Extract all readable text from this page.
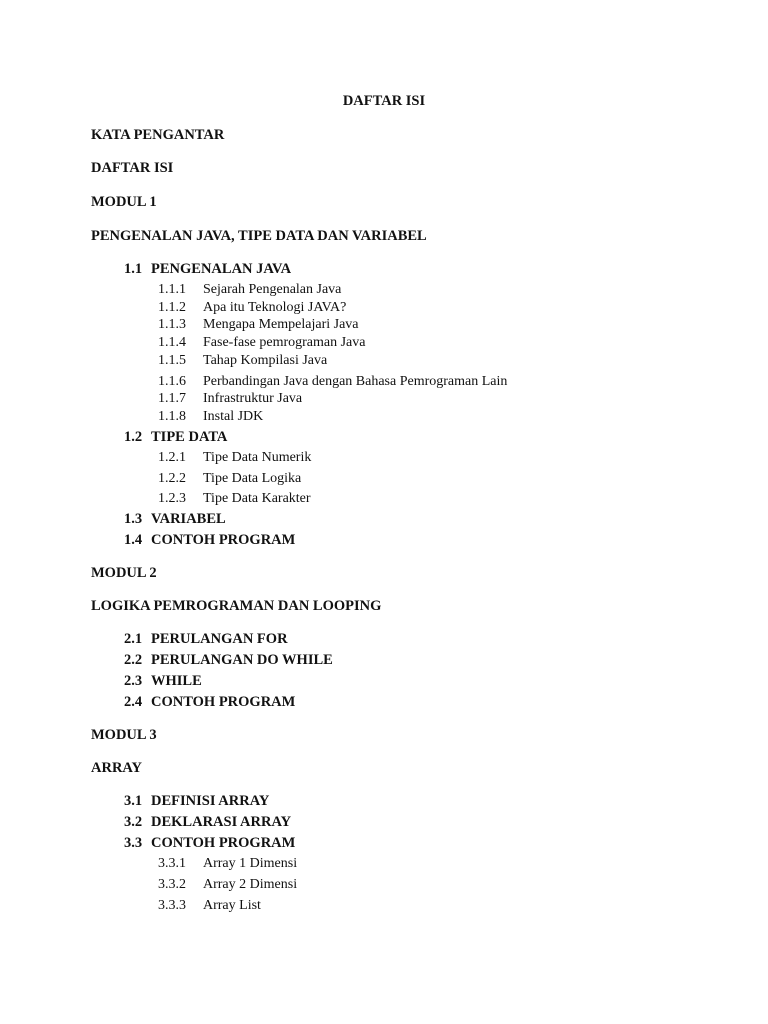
DAFTAR ISI
KATA PENGANTAR
DAFTAR ISI
MODUL 1
PENGENALAN JAVA, TIPE DATA DAN VARIABEL
1.1 PENGENALAN JAVA
1.1.1 Sejarah Pengenalan Java
1.1.2 Apa itu Teknologi JAVA?
1.1.3 Mengapa Mempelajari Java
1.1.4 Fase-fase pemrograman Java
1.1.5 Tahap Kompilasi Java
1.1.6 Perbandingan Java dengan Bahasa Pemrograman Lain
1.1.7 Infrastruktur Java
1.1.8 Instal JDK
1.2 TIPE DATA
1.2.1 Tipe Data Numerik
1.2.2 Tipe Data Logika
1.2.3 Tipe Data Karakter
1.3 VARIABEL
1.4 CONTOH PROGRAM
MODUL 2
LOGIKA PEMROGRAMAN DAN LOOPING
2.1 PERULANGAN FOR
2.2 PERULANGAN DO WHILE
2.3 WHILE
2.4 CONTOH PROGRAM
MODUL 3
ARRAY
3.1 DEFINISI ARRAY
3.2 DEKLARASI ARRAY
3.3 CONTOH PROGRAM
3.3.1 Array 1 Dimensi
3.3.2 Array 2 Dimensi
3.3.3 Array List
